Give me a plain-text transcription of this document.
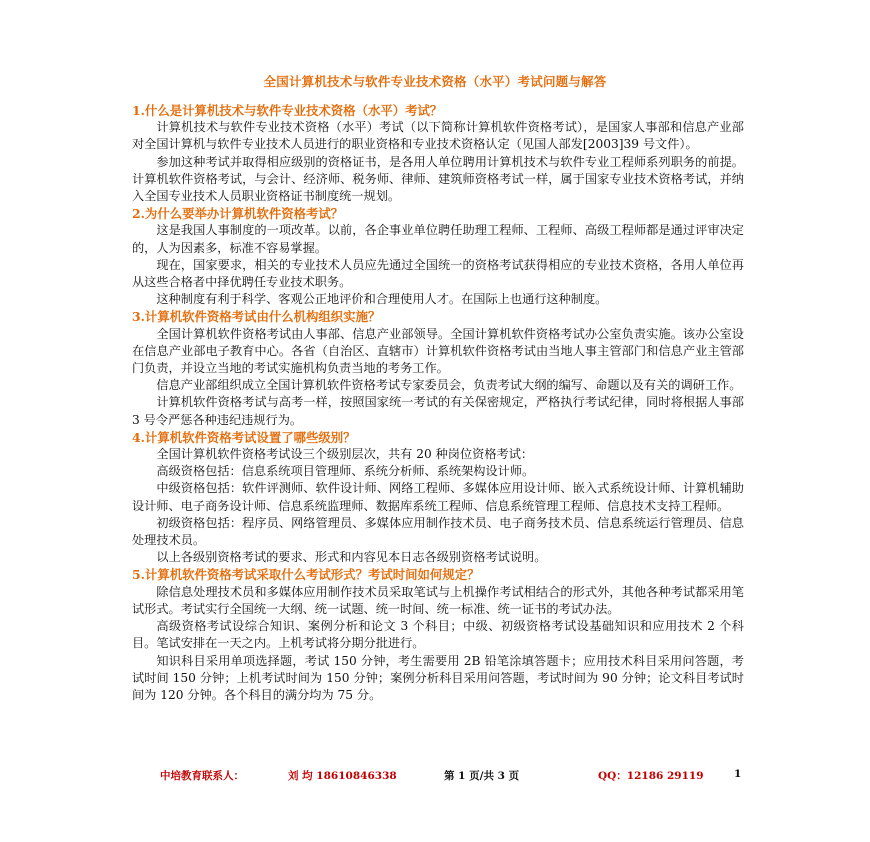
全国计算机技术与软件专业技术资格（水平）考试问题与解答

1.什么是计算机技术与软件专业技术资格（水平）考试？

计算机技术与软件专业技术资格（水平）考试（以下简称计算机软件资格考试），是国家人事部和信息产业部对全国计算机与软件专业技术人员进行的职业资格和专业技术资格认定（见国人部发[2003]39 号文件）。

参加这种考试并取得相应级别的资格证书，是各用人单位聘用计算机技术与软件专业工程师系列职务的前提。计算机软件资格考试，与会计、经济师、税务师、律师、建筑师资格考试一样，属于国家专业技术资格考试，并纳入全国专业技术人员职业资格证书制度统一规划。

2.为什么要举办计算机软件资格考试？

这是我国人事制度的一项改革。以前，各企事业单位聘任助理工程师、工程师、高级工程师都是通过评审决定的，人为因素多，标准不容易掌握。

现在，国家要求，相关的专业技术人员应先通过全国统一的资格考试获得相应的专业技术资格，各用人单位再从这些合格者中择优聘任专业技术职务。

这种制度有利于科学、客观公正地评价和合理使用人才。在国际上也通行这种制度。

3.计算机软件资格考试由什么机构组织实施？

全国计算机软件资格考试由人事部、信息产业部领导。全国计算机软件资格考试办公室负责实施。该办公室设在信息产业部电子教育中心。各省（自治区、直辖市）计算机软件资格考试由当地人事主管部门和信息产业主管部门负责，并设立当地的考试实施机构负责当地的考务工作。

信息产业部组织成立全国计算机软件资格考试专家委员会，负责考试大纲的编写、命题以及有关的调研工作。

计算机软件资格考试与高考一样，按照国家统一考试的有关保密规定，严格执行考试纪律，同时将根据人事部 3 号令严惩各种违纪违规行为。

4.计算机软件资格考试设置了哪些级别？

全国计算机软件资格考试设三个级别层次，共有 20 种岗位资格考试：

高级资格包括：信息系统项目管理师、系统分析师、系统架构设计师。

中级资格包括：软件评测师、软件设计师、网络工程师、多媒体应用设计师、嵌入式系统设计师、计算机辅助设计师、电子商务设计师、信息系统监理师、数据库系统工程师、信息系统管理工程师、信息技术支持工程师。

初级资格包括：程序员、网络管理员、多媒体应用制作技术员、电子商务技术员、信息系统运行管理员、信息处理技术员。

以上各级别资格考试的要求、形式和内容见本日志各级别资格考试说明。

5.计算机软件资格考试采取什么考试形式？考试时间如何规定？

除信息处理技术员和多媒体应用制作技术员采取笔试与上机操作考试相结合的形式外，其他各种考试都采用笔试形式。考试实行全国统一大纲、统一试题、统一时间、统一标准、统一证书的考试办法。

高级资格考试设综合知识、案例分析和论文 3 个科目；中级、初级资格考试设基础知识和应用技术 2 个科目。笔试安排在一天之内。上机考试将分期分批进行。

知识科目采用单项选择题，考试 150 分钟，考生需要用 2B 铅笔涂填答题卡；应用技术科目采用问答题，考试时间 150 分钟；上机考试时间为 150 分钟；案例分析科目采用问答题，考试时间为 90 分钟；论文科目考试时间为 120 分钟。各个科目的满分均为 75 分。

中培教育联系人：	刘 均 18610846338	第 1 页/共 3 页	QQ：12186 29119	1
